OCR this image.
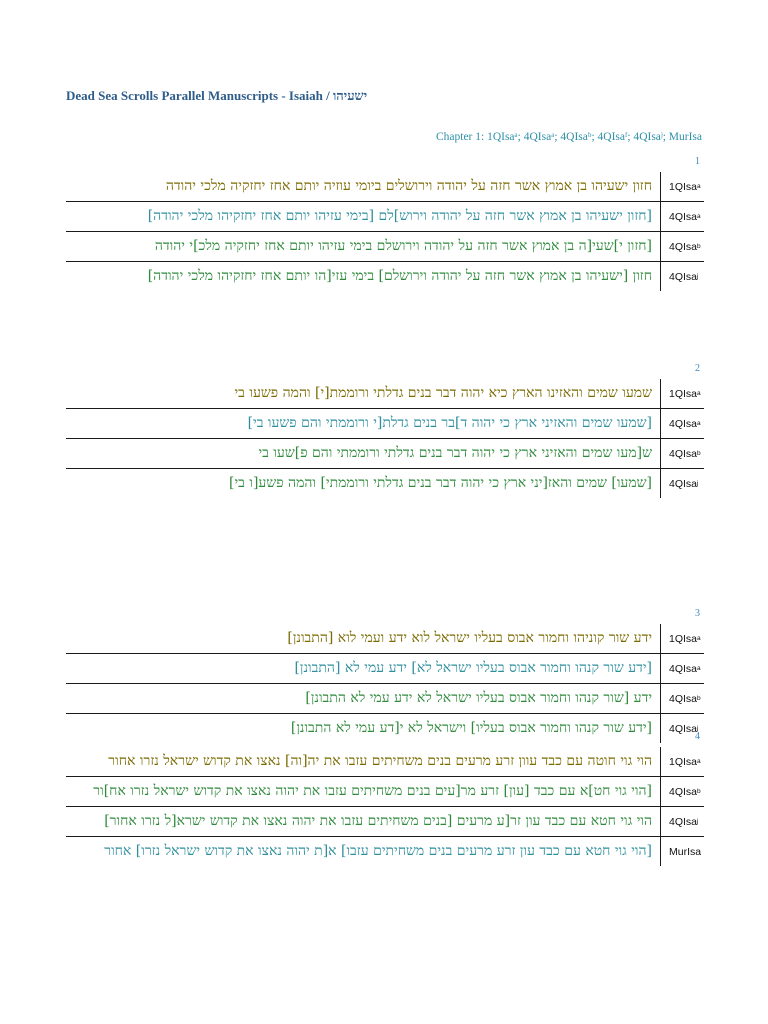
Dead Sea Scrolls Parallel Manuscripts - Isaiah / ישעיהו
Chapter 1: 1QIsaᵃ; 4QIsaᵃ; 4QIsaᵇ; 4QIsaᶠ; 4QIsaʲ; MurIsa
1
חזון ישעיהו בן אמוץ אשר חזה על יהודה וירושלים ביומי עוזיה יותם אחז יחזקיה מלכי יהודה 1QIsa a
[חזון ישעיהו בן אמוץ אשר חזה על יהודה וירוש]לם [בימי עזיהו יותם אחז יחזקיהו מלכי יהודה] 4QIsa a
[חזון י]שעי[ה בן אמוץ אשר חזה על יהודה וירושלם בימי עזיהו יותם אחז יחזקיה מלכ]י יהודה 4QIsa b
חזון [ישעיהו בן אמוץ אשר חזה על יהודה וירושלם] בימי עזי[הו יותם אחז יחזקיהו מלכי יהודה] 4QIsa j
2
שמעו שמים והאזינו הארץ כיא יהוה דבר בנים גדלתי ורוממת[י] והמה פשעו בי 1QIsa a
[שמעו שמים והאזיני ארץ כי יהוה ד]בר בנים גדלת[י ורוממתי והם פשעו בי] 4QIsa a
ש[מעו שמים והאזיני ארץ כי יהוה דבר בנים גדלתי ורוממתי והם פ]שעו בי 4QIsa b
[שמעו] שמים והאז[יני ארץ כי יהוה דבר בנים גדלתי ורוממתי] והמה פשע[ו בי] 4QIsa j
3
ידע שור קוניהו וחמור אבוס בעליו ישראל לוא ידע ועמי לוא [התבונן] 1QIsa a
[ידע שור קנהו וחמור אבוס בעליו ישראל לא] ידע עמי לא [התבונן] 4QIsa a
ידע [שור קנהו וחמור אבוס בעליו ישראל לא ידע עמי לא התבונן] 4QIsa b
[ידע שור קנהו וחמור אבוס בעליו] וישראל לא י[דע עמי לא התבונן] 4QIsa j
4
הוי גוי חוטה עם כבד עוון זרע מרעים בנים משחיתים עזבו את יה[וה] נאצו את קדוש ישראל נזרו אחור 1QIsa a
[הוי גוי חט]א עם כבד [עון] זרע מר[עים בנים משחיתים עזבו את יהוה נאצו את קדוש ישראל נזרו אח]ור 4QIsa b
הוי גוי חטא עם כבד עון זר[ע מרעים [בנים משחיתים עזבו את יהוה נאצו את קדוש ישרא[ל נזרו אחור] 4QIsa j
[הוי גוי חטא עם כבד עון זרע מרעים בנים משחיתים עזבו] א[ת יהוה נאצו את קדוש ישראל נזרו] אחור MurIsa
